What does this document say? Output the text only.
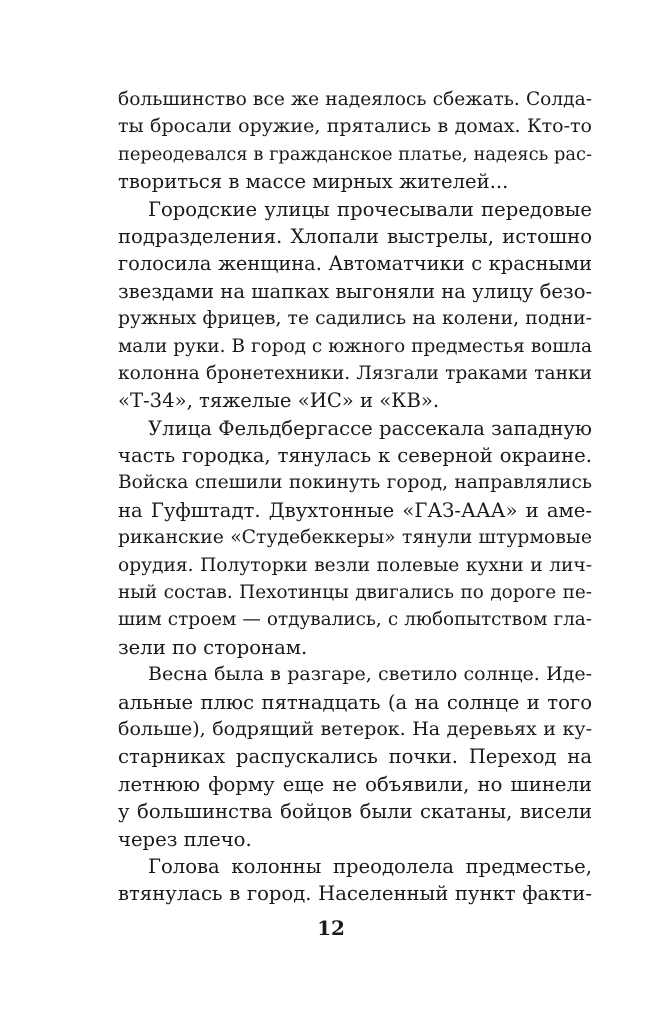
большинство все же надеялось сбежать. Солда-
ты бросали оружие, прятались в домах. Кто-то
переодевался в гражданское платье, надеясь рас-
твориться в массе мирных жителей...
Городские улицы прочесывали передовые
подразделения. Хлопали выстрелы, истошно
голосила женщина. Автоматчики с красными
звездами на шапках выгоняли на улицу безо-
ружных фрицев, те садились на колени, подни-
мали руки. В город с южного предместья вошла
колонна бронетехники. Лязгали траками танки
«Т-34», тяжелые «ИС» и «КВ».
Улица Фельдбергассе рассекала западную
часть городка, тянулась к северной окраине.
Войска спешили покинуть город, направлялись
на Гуфштадт. Двухтонные «ГАЗ-ААА» и аме-
риканские «Студебеккеры» тянули штурмовые
орудия. Полуторки везли полевые кухни и лич-
ный состав. Пехотинцы двигались по дороге пе-
шим строем — отдувались, с любопытством гла-
зели по сторонам.
Весна была в разгаре, светило солнце. Иде-
альные плюс пятнадцать (а на солнце и того
больше), бодрящий ветерок. На деревьях и ку-
старниках распускались почки. Переход на
летнюю форму еще не объявили, но шинели
у большинства бойцов были скатаны, висели
через плечо.
Голова колонны преодолела предместье,
втянулась в город. Населенный пункт факти-
12
